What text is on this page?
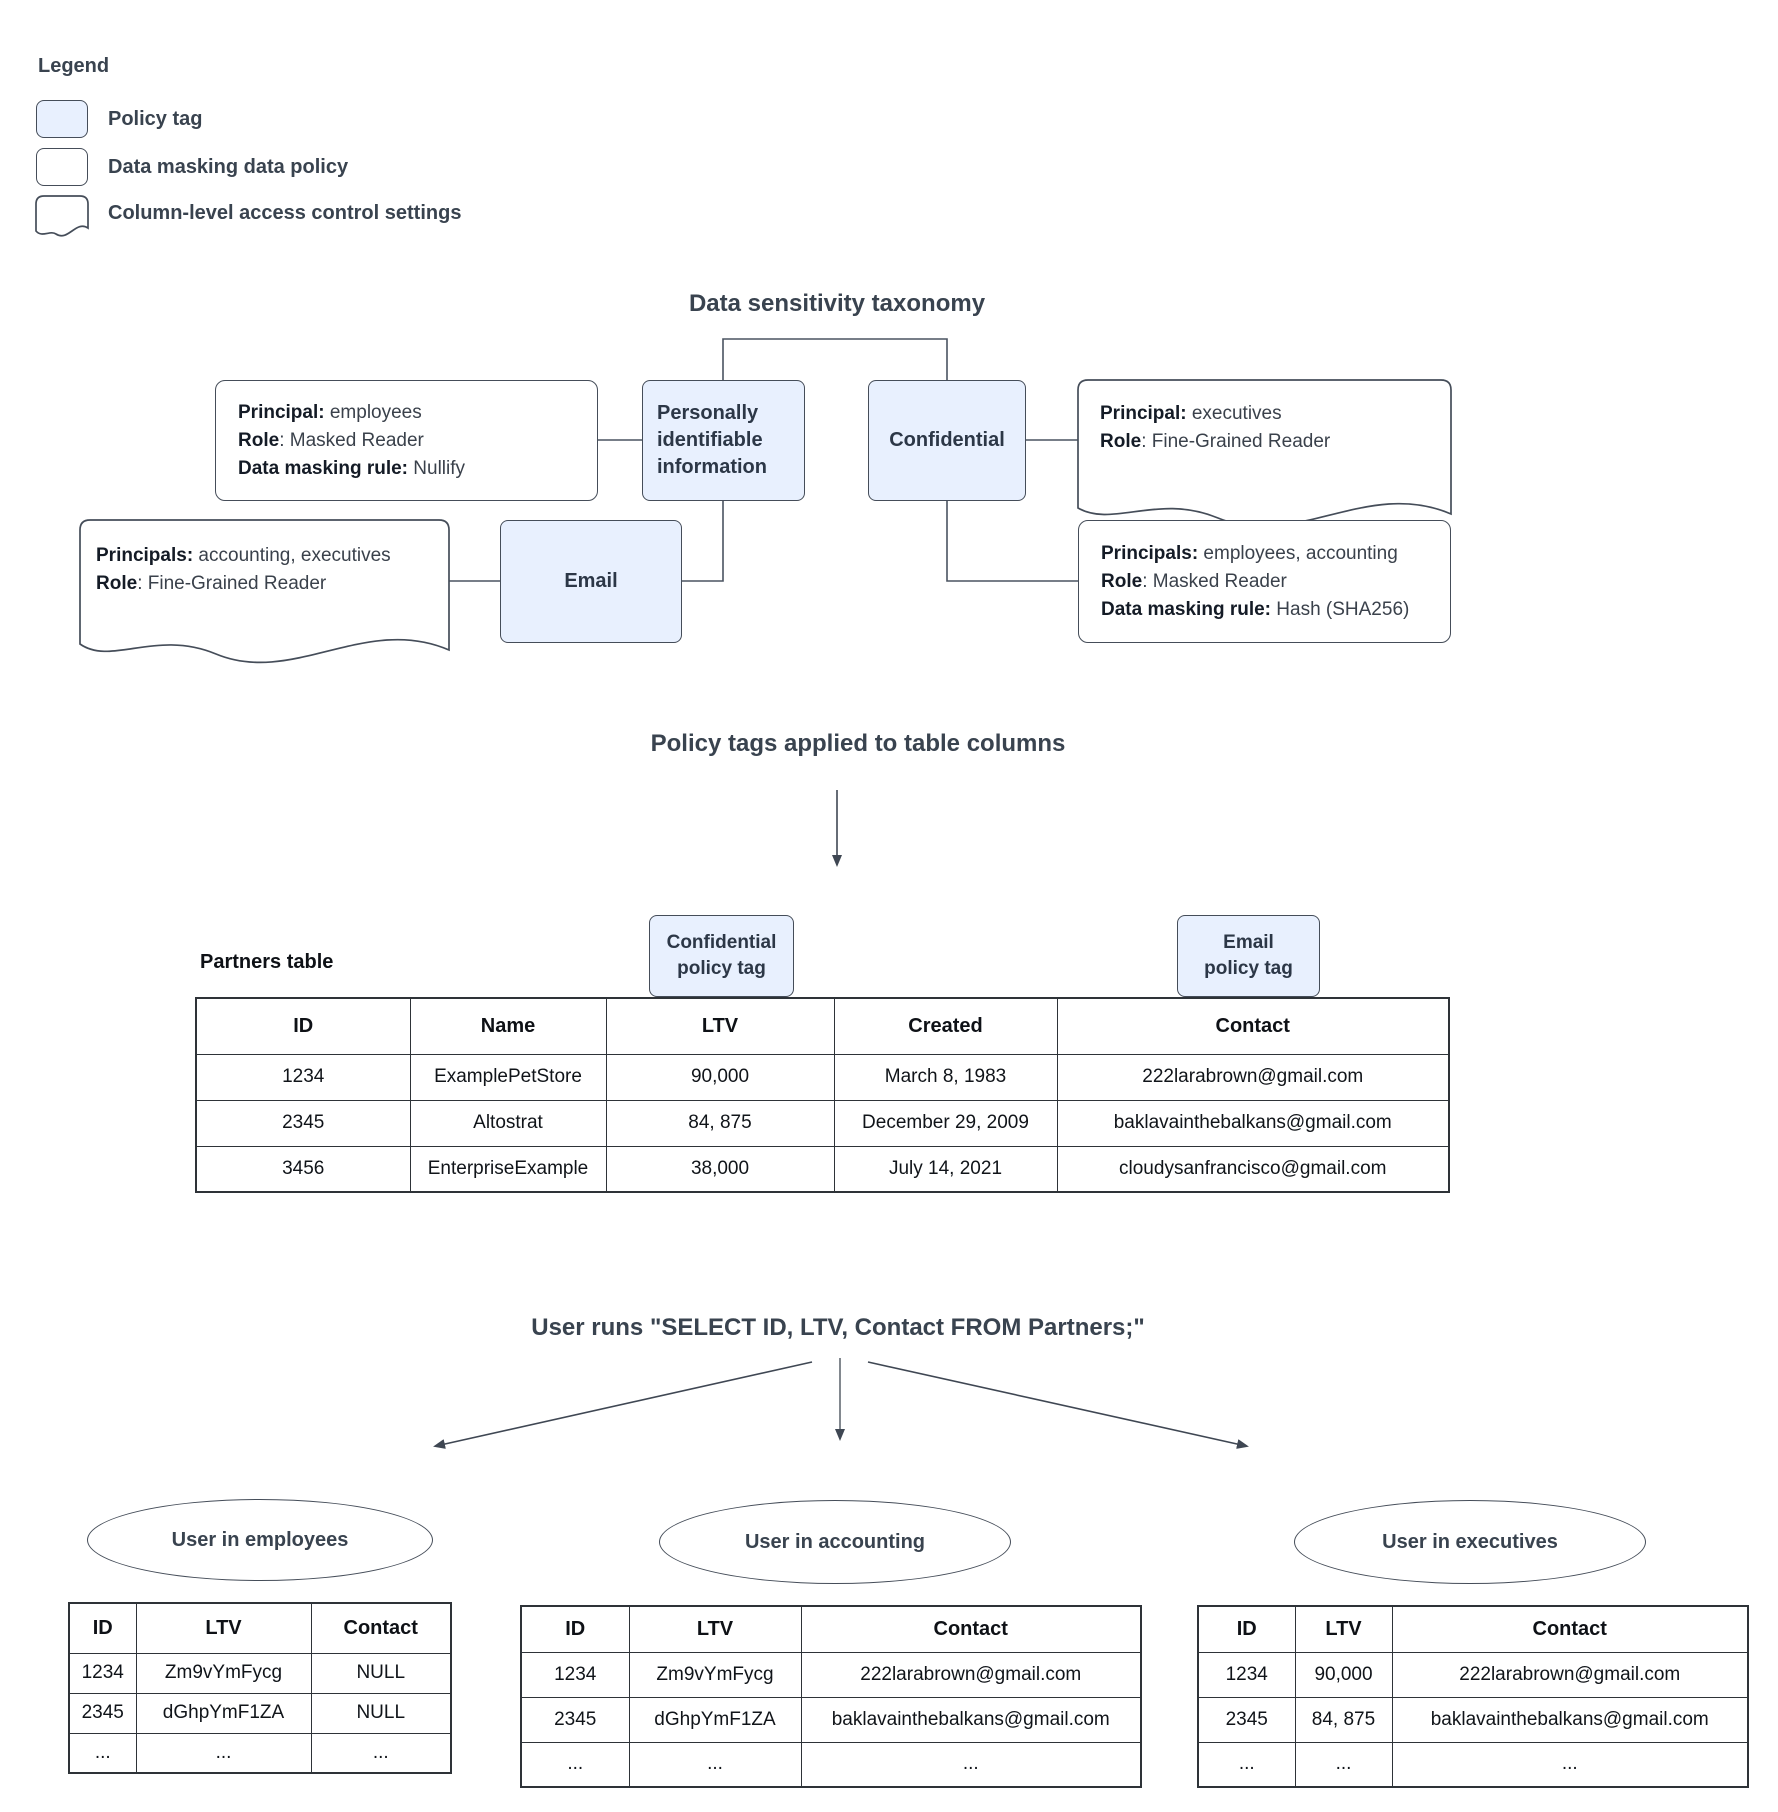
Legend
Policy tag
Data masking data policy
Column-level access control settings
Data sensitivity taxonomy
Principal: employees
Role: Masked Reader
Data masking rule: Nullify
Personally identifiable information
Confidential
Principal: executives
Role: Fine-Grained Reader
Principals: accounting, executives
Role: Fine-Grained Reader	Email
Principals: employees, accounting
Role: Masked Reader
Data masking rule: Hash (SHA256)
Policy tags applied to table columns
Confidential
policy tag
Email
policy tag
Partners table
ID	Name	LTV	Created	Contact
1234	ExamplePetStore	90,000	March 8, 1983	222larabrown@gmail.com
2345	Altostrat	84, 875	December 29, 2009	baklavainthebalkans@gmail.com
3456	EnterpriseExample	38,000	July 14, 2021	cloudysanfrancisco@gmail.com
User runs "SELECT ID, LTV, Contact FROM Partners;"
User in employees	User in accounting	User in executives
ID	LTV	Contact
1234	Zm9vYmFycg	NULL
2345	dGhpYmF1ZA	NULL
...	...	...
ID	LTV	Contact
1234	Zm9vYmFycg	222larabrown@gmail.com
2345	dGhpYmF1ZA	baklavainthebalkans@gmail.com
...	...	...
ID	LTV	Contact
1234	90,000	222larabrown@gmail.com
2345	84, 875	baklavainthebalkans@gmail.com
...	...	...
